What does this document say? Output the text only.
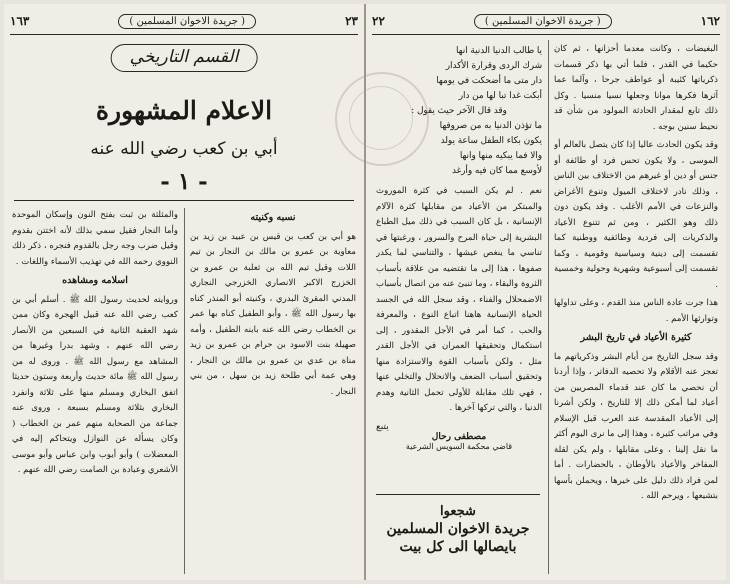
٢٣
( جريدة الاخوان المسلمين )
١٦٣
القسم التاريخي
الاعلام المشهورة
أبي بن كعب رضي الله عنه
- ١ -

نسبه وكنيته

هو أبي بن كعب بن قيس بن عبيد بن زيد بن معاوية بن عمرو بن مالك بن النجار بن تيم اللات وقيل تيم الله بن ثعلبة بن عمرو بن الخزرج الاكبر الانصاري الخزرجي النجاري المدني المقرئ البدري ، وكنيته أبو المنذر كناه بها رسول الله ﷺ ، وأبو الطفيل كناه بها عمر بن الخطاب رضي الله عنه بابنه الطفيل ، وأمه صهيلة بنت الاسود بن حرام بن عمرو بن زيد مناة بن عدي بن عمرو بن مالك بن النجار ، وهي عمة أبي طلحة زيد بن سهل ، من بني النجار .

والمثلثة بن ثبت بفتح النون وإسكان الموحدة وأما النجار فقيل سمي بذلك لأنه اختتن بقدوم وقيل ضرب وجه رجل بالقدوم فنجره ، ذكر ذلك النووي رحمه الله في تهذيب الأسماء واللغات .

اسلامه ومشاهده

وروايته لحديث رسول الله ﷺ . أسلم أبي بن كعب رضي الله عنه قبيل الهجرة وكان ممن شهد العقبة الثانية في السبعين من الأنصار رضي الله عنهم ، وشهد بدرا وغيرها من المشاهد مع رسول الله ﷺ . وروى له من رسول الله ﷺ مائة حديث وأربعة وستون حديثا اتفق البخاري ومسلم منها على ثلاثة وانفرد البخاري بثلاثة ومسلم بسبعة ، وروى عنه جماعة من الصحابة منهم عمر بن الخطاب ( وكان يسأله عن النوازل ويتحاكم إليه في المعضلات ) وأبو أيوب وابن عباس وأبو موسى الأشعري وعبادة بن الصامت رضي الله عنهم .

١٦٢
( جريدة الاخوان المسلمين )
٢٢

يا طالب الدنيا الدنية انها

شرك الردى وقرارة الأكدار

دار متى ما أضحكت في يومها

أبكت غدا تبا لها من دار

وقد قال الآخر حيث يقول :

ما تؤذن الدنيا به من صروفها

يكون بكاء الطفل ساعة يولد

والا فما يبكيه منها وانها

لأوسع مما كان فيه وأرغد

نعم . لم يكن السبب في كثرة الموروث والمبتكر من الأعياد من مقابلها كثرة الآلام الإنسانية ، بل كان السبب في ذلك ميل الطباع البشرية إلى حياة المرح والسرور ، ورغبتها في تناسي ما ينغص عيشها ، والتناسي لما يكدر صفوها ، هذا إلى ما تقتضيه من علاقة بأسباب الثروة والبقاء ، وما تنبئ عنه من اتصال بأسباب الاضمحلال والفناء ، وقد سجل الله في الجسد الحياة الإنسانية هاهنا اتباع النوع ، والمعرفة والحب ، كما أمر في الأجل المقدور ، إلى استكمال وتحقيقها العمران في الأجل القدر مثل ، ولكن بأسباب القوة والاستزادة منها وتحقيق أسباب الضعف والانحلال والتخلي عنها ، فهي تلك مقابلة للأولى تحمل الثانية وهدم الدنيا ، والتي تركها آخرها .

يتبع
مصطفى رحال
قاضي محكمة السويس الشرعية
شجعوا
جريدة الاخوان المسلمين
بايصالها الى كل بيت

البغيضات ، وكانت معدما أحزانها ، ثم كان حكيما في القدر ، فلما أتي بها ذكر قسمات ذكرياتها كئيبة أو عواطف جرحا ، وآلما عما آثرها فكرها موانا وجعلها نسيا منسيا . وكل ذلك تابع لمقدار الحادثة المولود من شأن قد نحيط سنين بوجه .

وقد يكون الحادث عاليا إذا كان يتصل بالعالم أو الموسى ، ولا يكون تحس فرد أو طائفة أو جنس أو دين أو غيرهم من الاختلاف بين الناس ، وذلك نادر لاختلاف الميول وتنوع الأغراض والنزعات في الأمم الأغلب . وقد يكون دون ذلك وهو الكثير ، ومن ثم تتنوع الأعياد والذكريات إلى فردية وطائفية ووطنية كما تقسمت إلى دينية وسياسية وقومية ، وكما تقسمت إلى أسبوعية وشهرية وحولية وخمسية .

هذا جرت عادة الناس منذ القدم ، وعلى تداولها وتوارثها الأمم .

كثيرة الأعياد في تاريخ البشر

وقد سجل التاريخ من أيام البشر وذكرياتهم ما تعجز عنه الأقلام ولا تحصيه الدفاتر ، وإذا أردنا أن نحصي ما كان عند قدماء المصريين من أعياد لما أمكن ذلك إلا للتاريخ ، ولكن أشرنا إلى الأعياد المقدسة عند العرب قبل الإسلام وفي مراتب كثيرة ، وهذا إلى ما نرى اليوم أكثر ما نقل إلينا ، وعلى مقابلها ، ولم يكن لقلة المفاخر والأعياد بالأوطان ، بالحضارات . أما لمن فراد ذلك دليل على خيرها ، ويحملن بأسها بتشيعها ، ويرحم الله .
